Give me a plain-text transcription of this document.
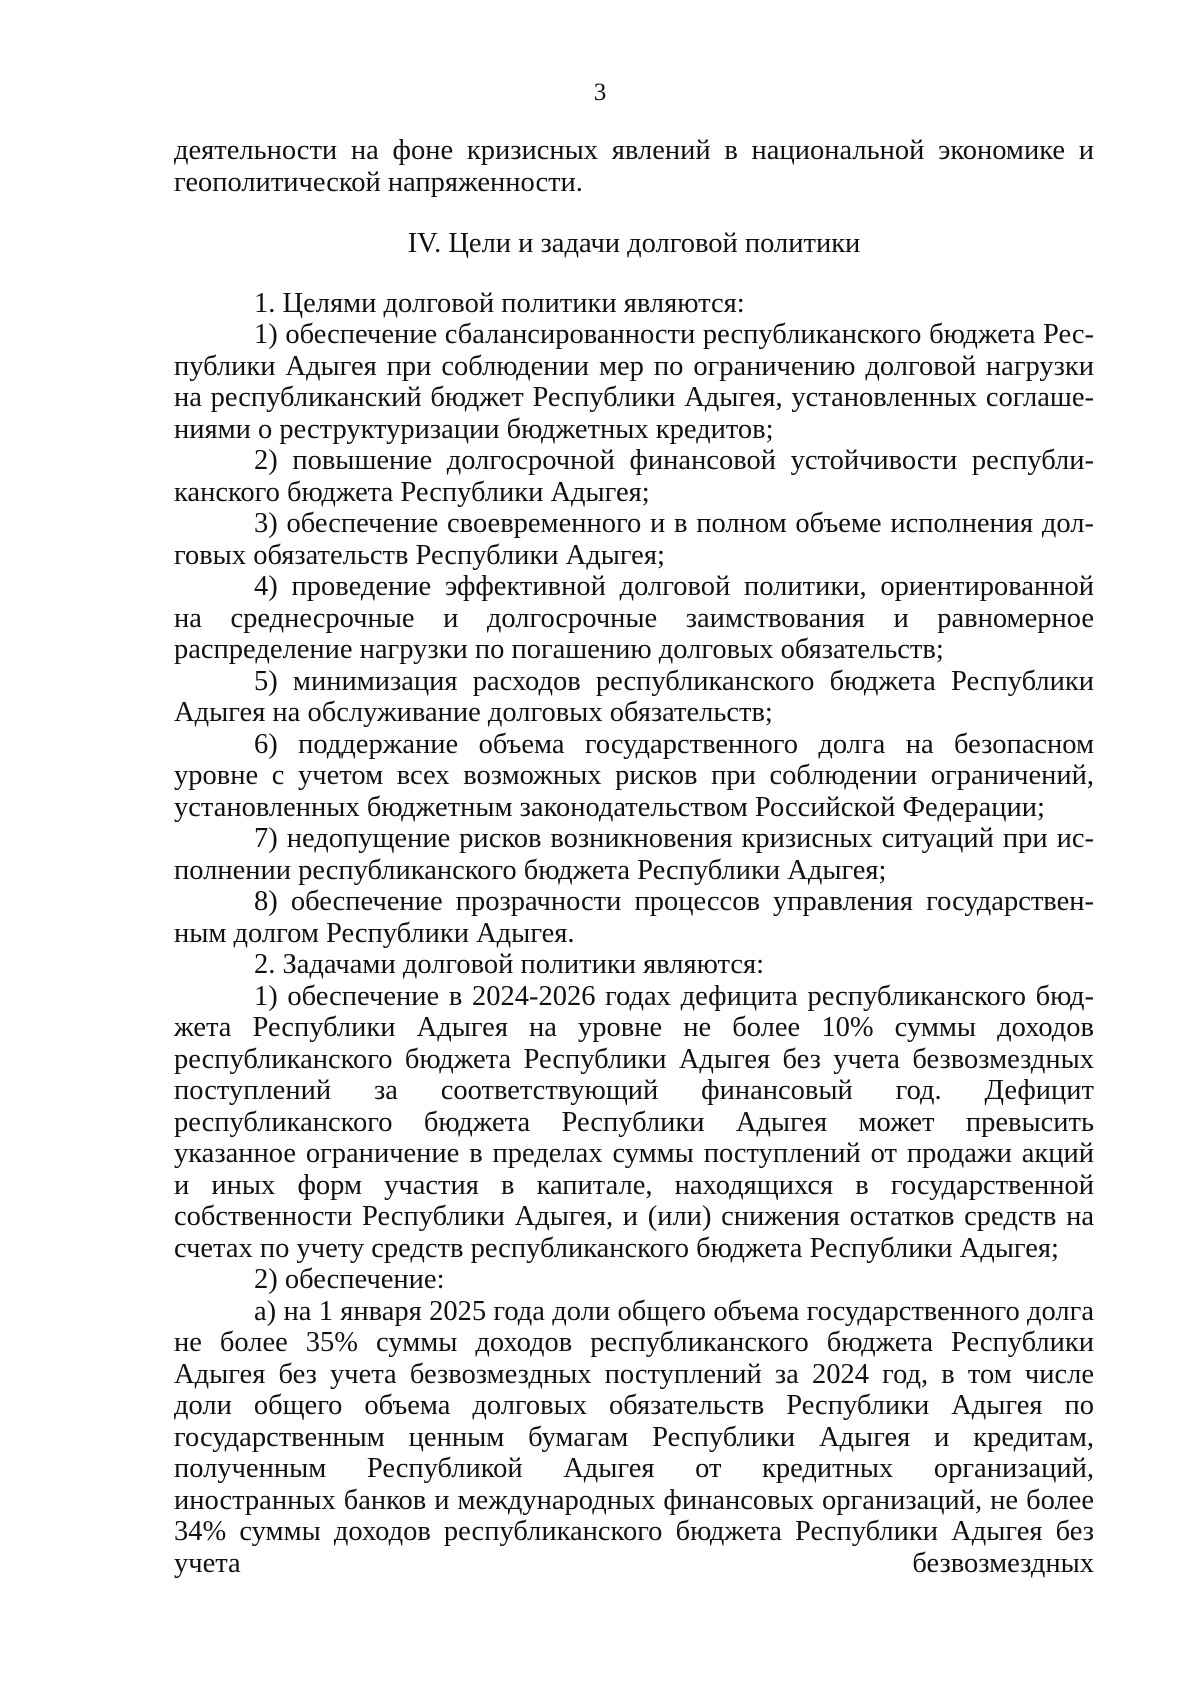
3

деятельности на фоне кризисных явлений в национальной экономике и геополитической напряженности.

IV. Цели и задачи долговой политики

1. Целями долговой политики являются:

1) обеспечение сбалансированности республиканского бюджета Республики Адыгея при соблюдении мер по ограничению долговой нагрузки на республиканский бюджет Республики Адыгея, установленных соглашениями о реструктуризации бюджетных кредитов;

2) повышение долгосрочной финансовой устойчивости республиканского бюджета Республики Адыгея;

3) обеспечение своевременного и в полном объеме исполнения долговых обязательств Республики Адыгея;

4) проведение эффективной долговой политики, ориентированной на среднесрочные и долгосрочные заимствования и равномерное распределение нагрузки по погашению долговых обязательств;

5) минимизация расходов республиканского бюджета Республики Адыгея на обслуживание долговых обязательств;

6) поддержание объема государственного долга на безопасном уровне с учетом всех возможных рисков при соблюдении ограничений, установленных бюджетным законодательством Российской Федерации;

7) недопущение рисков возникновения кризисных ситуаций при исполнении республиканского бюджета Республики Адыгея;

8) обеспечение прозрачности процессов управления государственным долгом Республики Адыгея.

2. Задачами долговой политики являются:

1) обеспечение в 2024-2026 годах дефицита республиканского бюджета Республики Адыгея на уровне не более 10% суммы доходов республиканского бюджета Республики Адыгея без учета безвозмездных поступлений за соответствующий финансовый год. Дефицит республиканского бюджета Республики Адыгея может превысить указанное ограничение в пределах суммы поступлений от продажи акций и иных форм участия в капитале, находящихся в государственной собственности Республики Адыгея, и (или) снижения остатков средств на счетах по учету средств республиканского бюджета Республики Адыгея;

2) обеспечение:

а) на 1 января 2025 года доли общего объема государственного долга не более 35% суммы доходов республиканского бюджета Республики Адыгея без учета безвозмездных поступлений за 2024 год, в том числе доли общего объема долговых обязательств Республики Адыгея по государственным ценным бумагам Республики Адыгея и кредитам, полученным Республикой Адыгея от кредитных организаций, иностранных банков и международных финансовых организаций, не более 34% суммы доходов республиканского бюджета Республики Адыгея без учета безвозмездных
